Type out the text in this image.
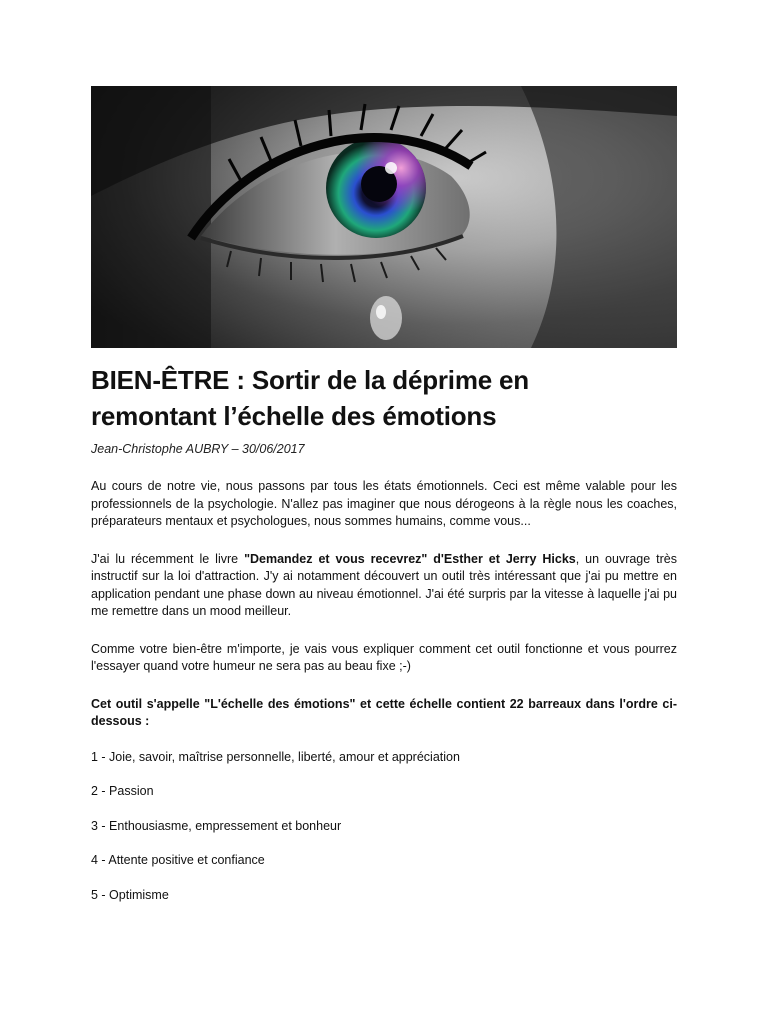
BIEN-ÊTRE : Sortir de la déprime en
remontant l’échelle des émotions
Jean-Christophe AUBRY – 30/06/2017
Au cours de notre vie, nous passons par tous les états émotionnels. Ceci est même valable pour les professionnels de la psychologie. N'allez pas imaginer que nous dérogeons à la règle nous les coaches, préparateurs mentaux et psychologues, nous sommes humains, comme vous...
J'ai lu récemment le livre "Demandez et vous recevrez" d'Esther et Jerry Hicks, un ouvrage très instructif sur la loi d'attraction. J'y ai notamment découvert un outil très intéressant que j'ai pu mettre en application pendant une phase down au niveau émotionnel. J'ai été surpris par la vitesse à laquelle j'ai pu me remettre dans un mood meilleur.
Comme votre bien-être m'importe, je vais vous expliquer comment cet outil fonctionne et vous pourrez l'essayer quand votre humeur ne sera pas au beau fixe ;-)
Cet outil s'appelle "L'échelle des émotions" et cette échelle contient 22 barreaux dans l'ordre ci-dessous :
1 - Joie, savoir, maîtrise personnelle, liberté, amour et appréciation
2 - Passion
3 - Enthousiasme, empressement et bonheur
4 - Attente positive et confiance
5 - Optimisme
